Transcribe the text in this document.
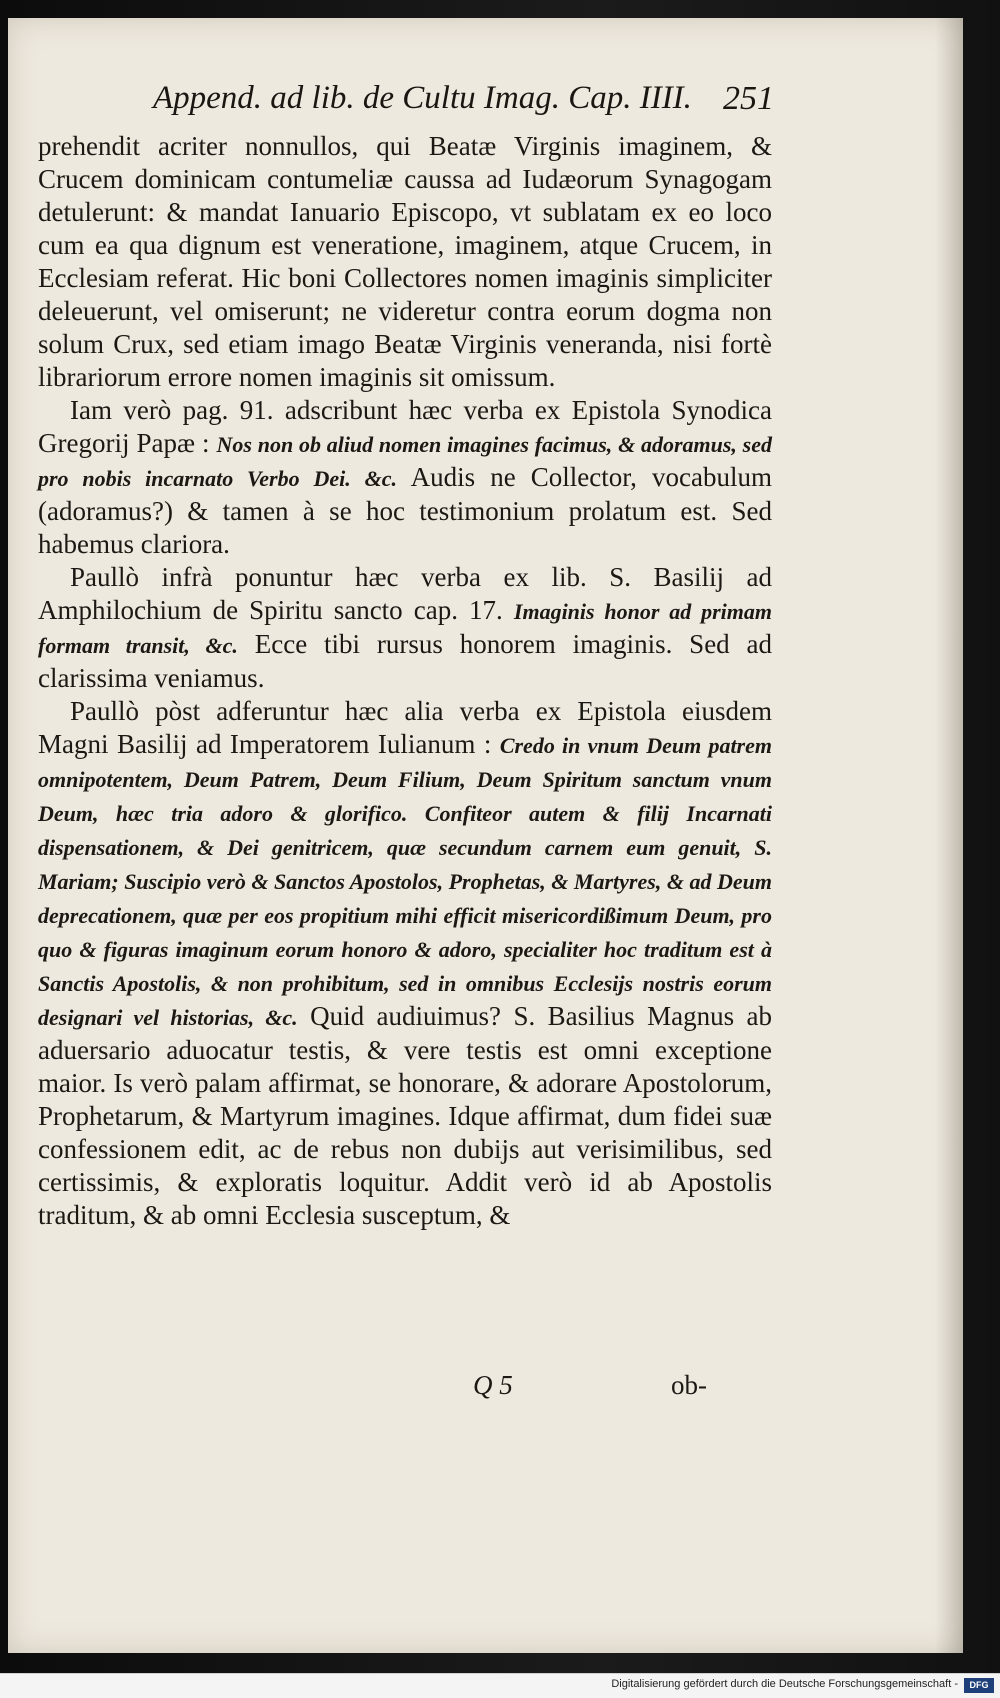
Append. ad lib. de Cultu Imag. Cap. IIII. 251

prehendit acriter nonnullos, qui Beatæ Virginis imaginem, & Crucem dominicam contumeliæ caussa ad Iudæorum Synagogam detulerunt: & mandat Ianuario Episcopo, vt sublatam ex eo loco cum ea qua dignum est veneratione, imaginem, atque Crucem, in Ecclesiam referat. Hic boni Collectores nomen imaginis simpliciter deleuerunt, vel omiserunt; ne videretur contra eorum dogma non solum Crux, sed etiam imago Beatæ Virginis veneranda, nisi fortè librariorum errore nomen imaginis sit omissum.

Iam verò pag. 91. adscribunt hæc verba ex Epistola Synodica Gregorij Papæ : Nos non ob aliud nomen imagines facimus, & adoramus, sed pro nobis incarnato Verbo Dei. &c. Audis ne Collector, vocabulum (adoramus?) & tamen à se hoc testimonium prolatum est. Sed habemus clariora.

Paullò infrà ponuntur hæc verba ex lib. S. Basilij ad Amphilochium de Spiritu sancto cap. 17. Imaginis honor ad primam formam transit, &c. Ecce tibi rursus honorem imaginis. Sed ad clarissima veniamus.

Paullò pòst adferuntur hæc alia verba ex Epistola eiusdem Magni Basilij ad Imperatorem Iulianum : Credo in vnum Deum patrem omnipotentem, Deum Patrem, Deum Filium, Deum Spiritum sanctum vnum Deum, hæc tria adoro & glorifico. Confiteor autem & filij Incarnati dispensationem, & Dei genitricem, quæ secundum carnem eum genuit, S. Mariam; Suscipio verò & Sanctos Apostolos, Prophetas, & Martyres, & ad Deum deprecationem, quæ per eos propitium mihi efficit misericordißimum Deum, pro quo & figuras imaginum eorum honoro & adoro, specialiter hoc traditum est à Sanctis Apostolis, & non prohibitum, sed in omnibus Ecclesijs nostris eorum designari vel historias, &c. Quid audiuimus? S. Basilius Magnus ab aduersario aduocatur testis, & vere testis est omni exceptione maior. Is verò palam affirmat, se honorare, & adorare Apostolorum, Prophetarum, & Martyrum imagines. Idque affirmat, dum fidei suæ confessionem edit, ac de rebus non dubijs aut verisimilibus, sed certissimis, & exploratis loquitur. Addit verò id ab Apostolis traditum, & ab omni Ecclesia susceptum, &

Q 5	ob-
Digitalisierung gefördert durch die Deutsche Forschungsgemeinschaft -	DFG
